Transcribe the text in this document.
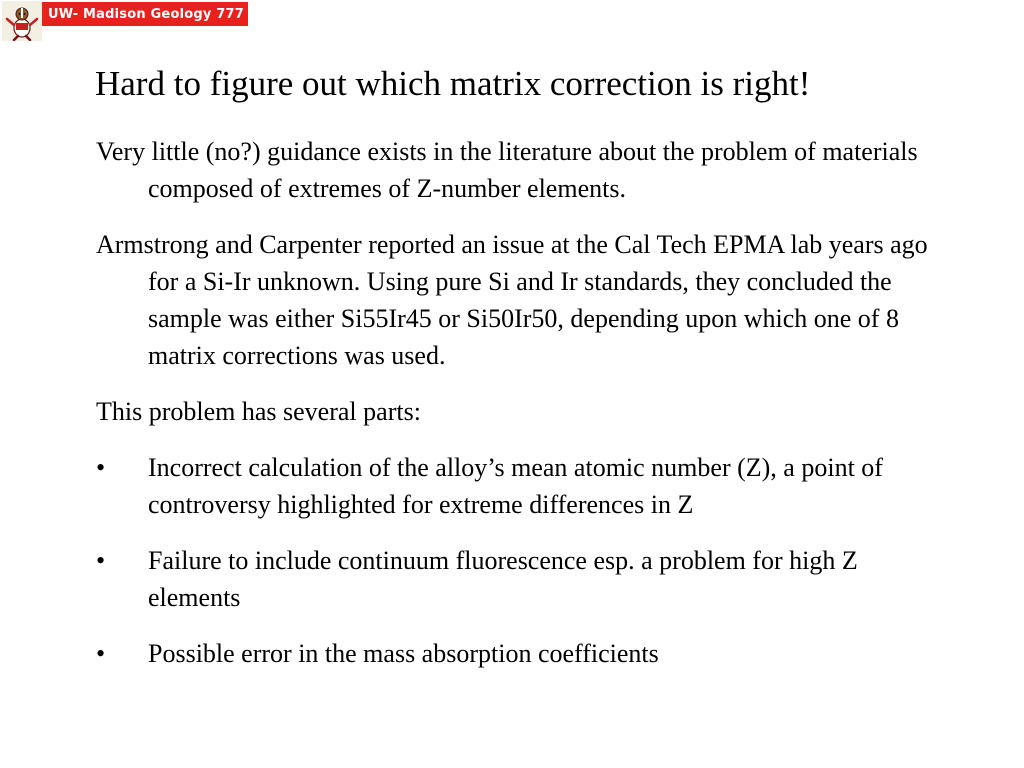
UW- Madison Geology 777
Hard to figure out which matrix correction is right!

Very little (no?) guidance exists in the literature about the problem of materials composed of extremes of Z-number elements.

Armstrong and Carpenter reported an issue at the Cal Tech EPMA lab years ago for a Si-Ir unknown. Using pure Si and Ir standards, they concluded the sample was either Si55Ir45 or Si50Ir50, depending upon which one of 8 matrix corrections was used.

This problem has several parts:

•	Incorrect calculation of the alloy’s mean atomic number (Z), a point of controversy highlighted for extreme differences in Z
•	Failure to include continuum fluorescence esp. a problem for high Z elements
•	Possible error in the mass absorption coefficients
